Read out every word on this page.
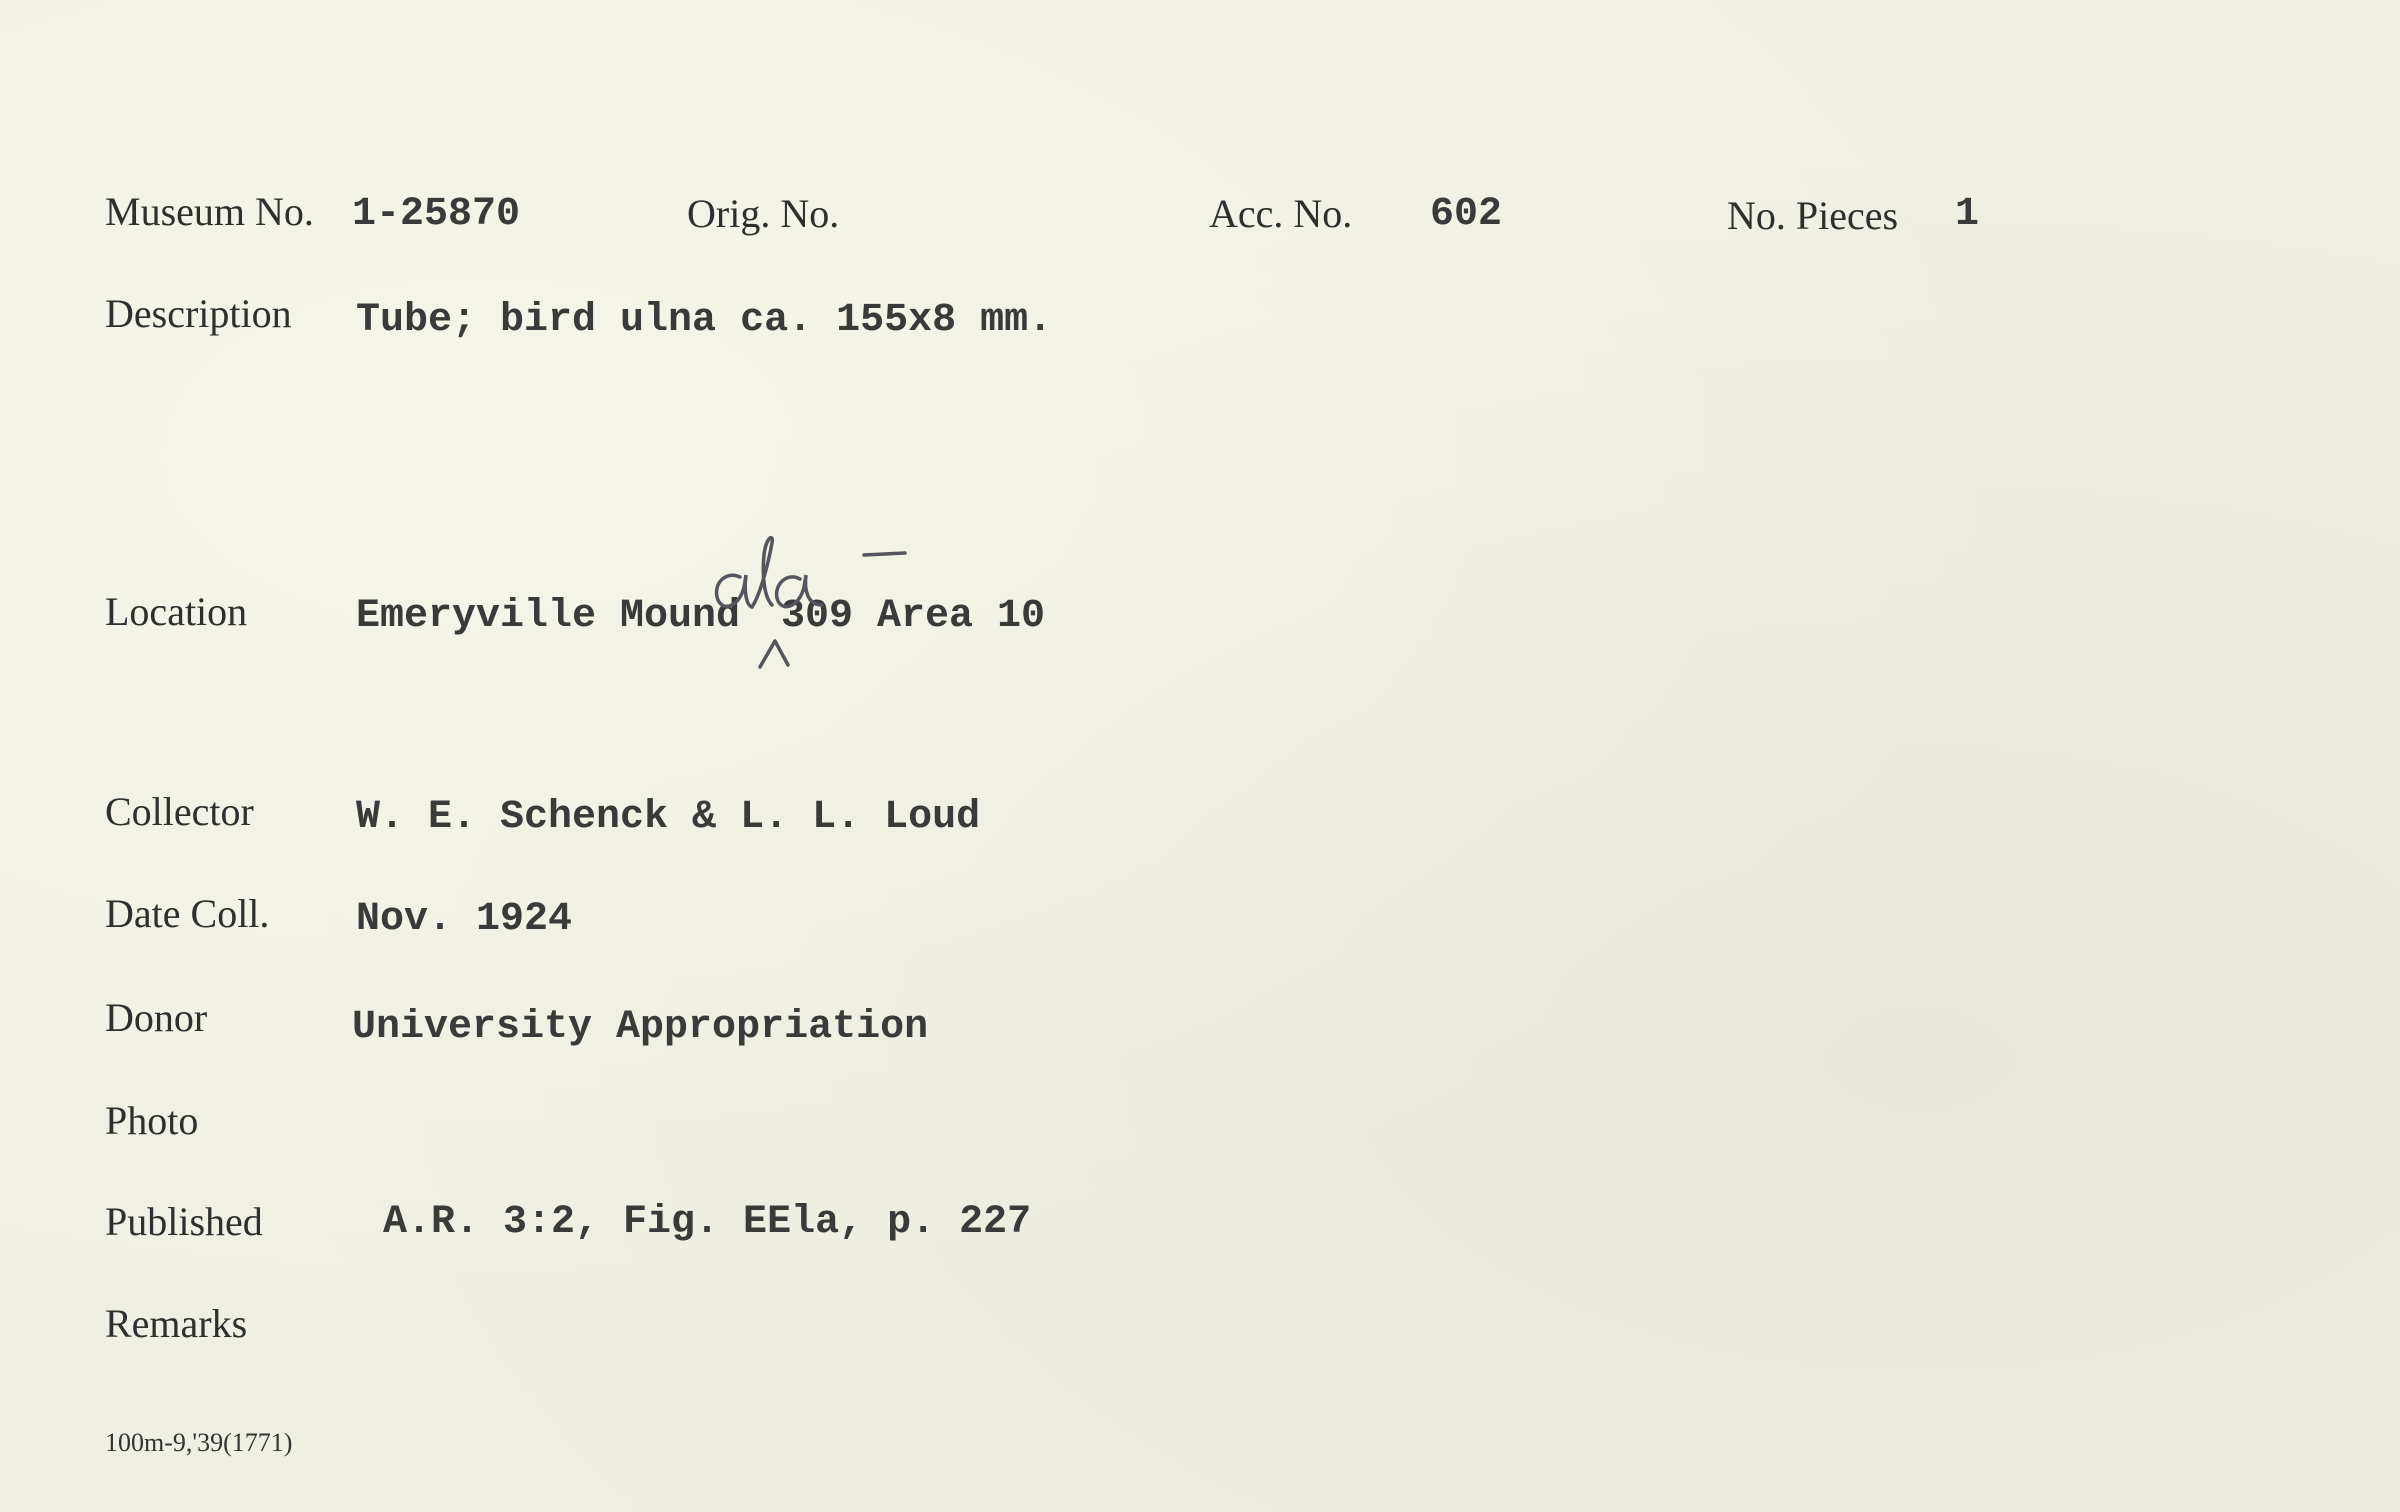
Museum No. 1-25870	Orig. No.	Acc. No. 602	No. Pieces 1
Description Tube; bird ulna ca. 155x8 mm.
Location	Emeryville Mound 309 Area 10
Collector	W. E. Schenck & L. L. Loud
Date Coll. Nov. 1924
Donor	University Appropriation
Photo
Published	A.R. 3:2, Fig. EEla, p. 227
Remarks
100m-9,'39(1771)
